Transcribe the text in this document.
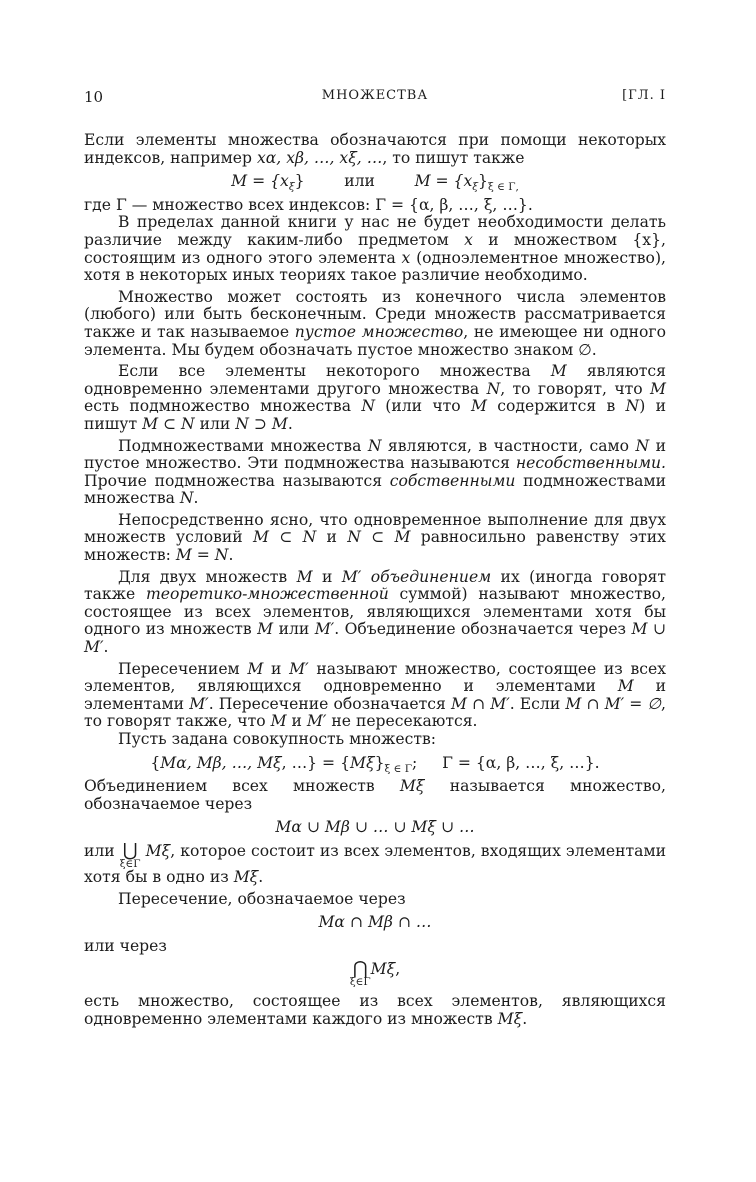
10	МНОЖЕСТВА	[ГЛ. I

Если элементы множества обозначаются при помощи некоторых индексов, например xα, xβ, …, xξ, …, то пишут также

$M = \{x_\xi\}$        или	$M = \{x_\xi\}_{\xi \in \Gamma,}$

где Γ — множество всех индексов: Γ = {α, β, …, ξ, …}.

В пределах данной книги у нас не будет необходимости делать различие между каким-либо предметом x и множеством {x}, состоящим из одного этого элемента x (одноэлементное множество), хотя в некоторых иных теориях такое различие необходимо.

Множество может состоять из конечного числа элементов (любого) или быть бесконечным. Среди множеств рассматривается также и так называемое пустое множество, не имеющее ни одного элемента. Мы будем обозначать пустое множество знаком ∅.

Если все элементы некоторого множества M являются одновременно элементами другого множества N, то говорят, что M есть подмножество множества N (или что M содержится в N) и пишут M ⊂ N или N ⊃ M.

Подмножествами множества N являются, в частности, само N и пустое множество. Эти подмножества называются несобственными. Прочие подмножества называются собственными подмножествами множества N.

Непосредственно ясно, что одновременное выполнение для двух множеств условий M ⊂ N и N ⊂ M равносильно равенству этих множеств: M = N.

Для двух множеств M и M′ объединением их (иногда говорят также теоретико-множественной суммой) называют множество, состоящее из всех элементов, являющихся элементами хотя бы одного из множеств M или M′. Объединение обозначается через M ∪ M′.

Пересечением M и M′ называют множество, состоящее из всех элементов, являющихся одновременно и элементами M и элементами M′. Пересечение обозначается M ∩ M′. Если M ∩ M′ = ∅, то говорят также, что M и M′ не пересекаются.

Пусть задана совокупность множеств:

{Mα, Mβ, …, Mξ, …} = $\{M\xi\}_{\xi \in \Gamma}$;     Γ = {α, β, …, ξ, …}.

Объединением всех множеств Mξ называется множество, обозначаемое через

Mα ∪ Mβ ∪ … ∪ Mξ ∪ …

или ⋃
ξ∈Γ
Mξ, которое состоит из всех элементов, входящих элементами хотя бы в одно из Mξ.

Пересечение, обозначаемое через

Mα ∩ Mβ ∩ …

или через

⋂
ξ∈Γ
Mξ,

есть множество, состоящее из всех элементов, являющихся одновременно элементами каждого из множеств Mξ.
